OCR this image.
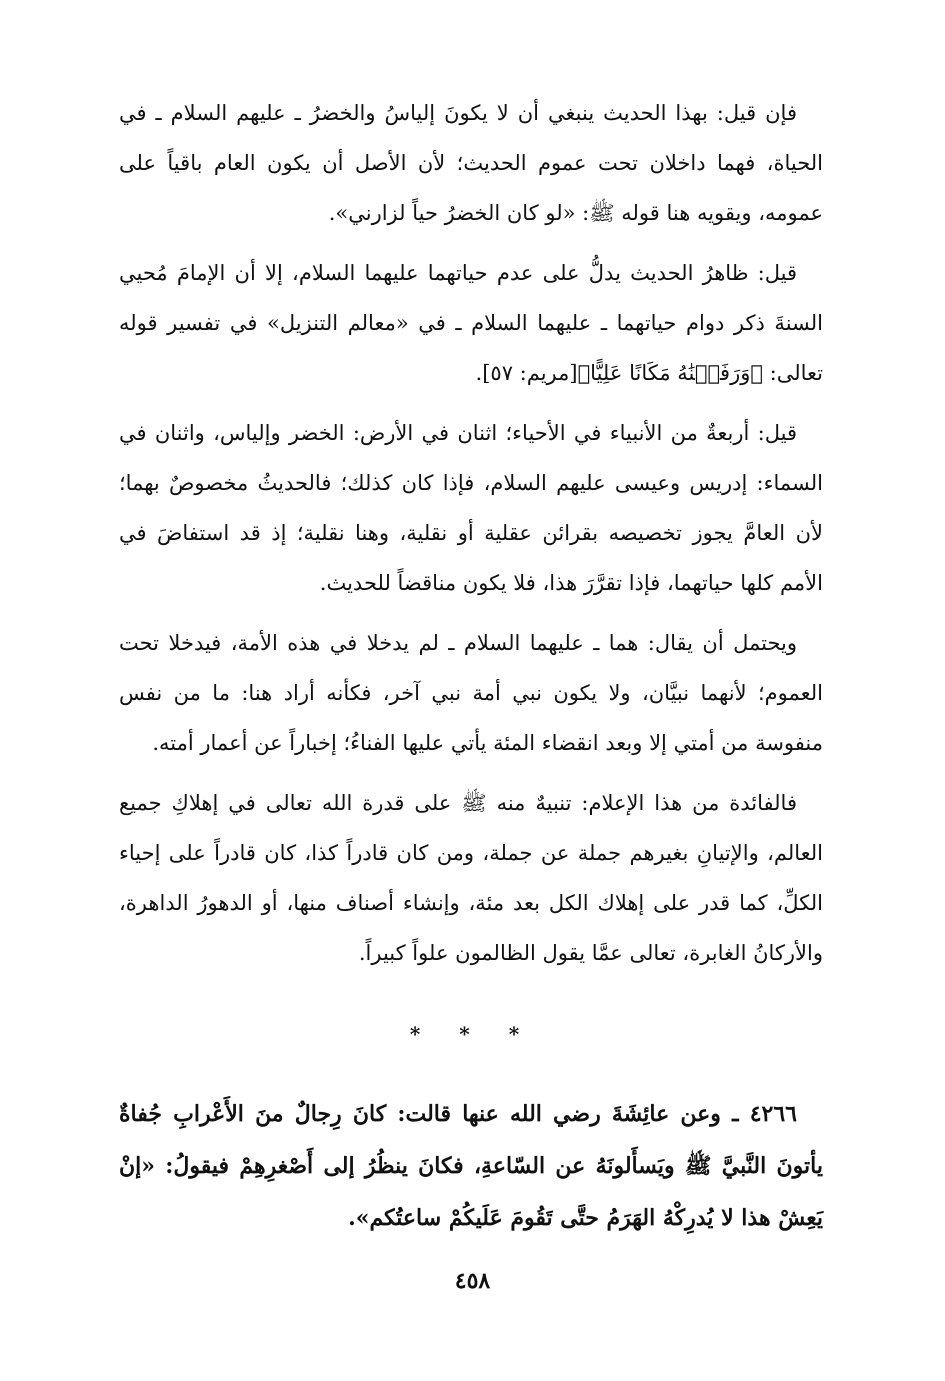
فإن قيل: بهذا الحديث ينبغي أن لا يكونَ إلياسُ والخضرُ ـ عليهم السلام ـ في الحياة، فهما داخلان تحت عموم الحديث؛ لأن الأصل أن يكون العام باقياً على عمومه، ويقويه هنا قوله ﷺ: «لو كان الخضرُ حياً لزارني».

قيل: ظاهرُ الحديث يدلُّ على عدم حياتهما عليهما السلام، إلا أن الإمامَ مُحيي السنةَ ذكر دوام حياتهما ـ عليهما السلام ـ في «معالم التنزيل» في تفسير قوله تعالى: ﴿وَرَفَعۡنَٰهُ مَكَانًا عَلِيًّا﴾[مريم: ٥٧].

قيل: أربعةٌ من الأنبياء في الأحياء؛ اثنان في الأرض: الخضر وإلياس، واثنان في السماء: إدريس وعيسى عليهم السلام، فإذا كان كذلك؛ فالحديثُ مخصوصٌ بهما؛ لأن العامَّ يجوز تخصيصه بقرائن عقلية أو نقلية، وهنا نقلية؛ إذ قد استفاضَ في الأمم كلها حياتهما، فإذا تقرَّرَ هذا، فلا يكون مناقضاً للحديث.

ويحتمل أن يقال: هما ـ عليهما السلام ـ لم يدخلا في هذه الأمة، فيدخلا تحت العموم؛ لأنهما نبيَّان، ولا يكون نبي أمة نبي آخر، فكأنه أراد هنا: ما من نفس منفوسة من أمتي إلا وبعد انقضاء المئة يأتي عليها الفناءُ؛ إخباراً عن أعمار أمته.

فالفائدة من هذا الإعلام: تنبيهٌ منه ﷺ على قدرة الله تعالى في إهلاكِ جميع العالم، والإتيانِ بغيرهم جملة عن جملة، ومن كان قادراً كذا، كان قادراً على إحياء الكلِّ، كما قدر على إهلاك الكل بعد مئة، وإنشاء أصناف منها، أو الدهورُ الداهرة، والأركانُ الغابرة، تعالى عمَّا يقول الظالمون علواً كبيراً.

* * *
٤٢٦٦ ـ وعن عائِشَةَ رضي الله عنها قالت: كانَ رِجالٌ منَ الأَعْرابِ جُفاةٌ يأتونَ النَّبيَّ ﷺ ويَسأَلونَهُ عن السّاعةِ، فكانَ ينظُرُ إلى أَصْغرِهِمْ فيقولُ: «إنْ يَعِشْ هذا لا يُدرِكْهُ الهَرَمُ حتَّى تَقُومَ عَلَيكُمْ ساعتُكم».
٤٥٨
